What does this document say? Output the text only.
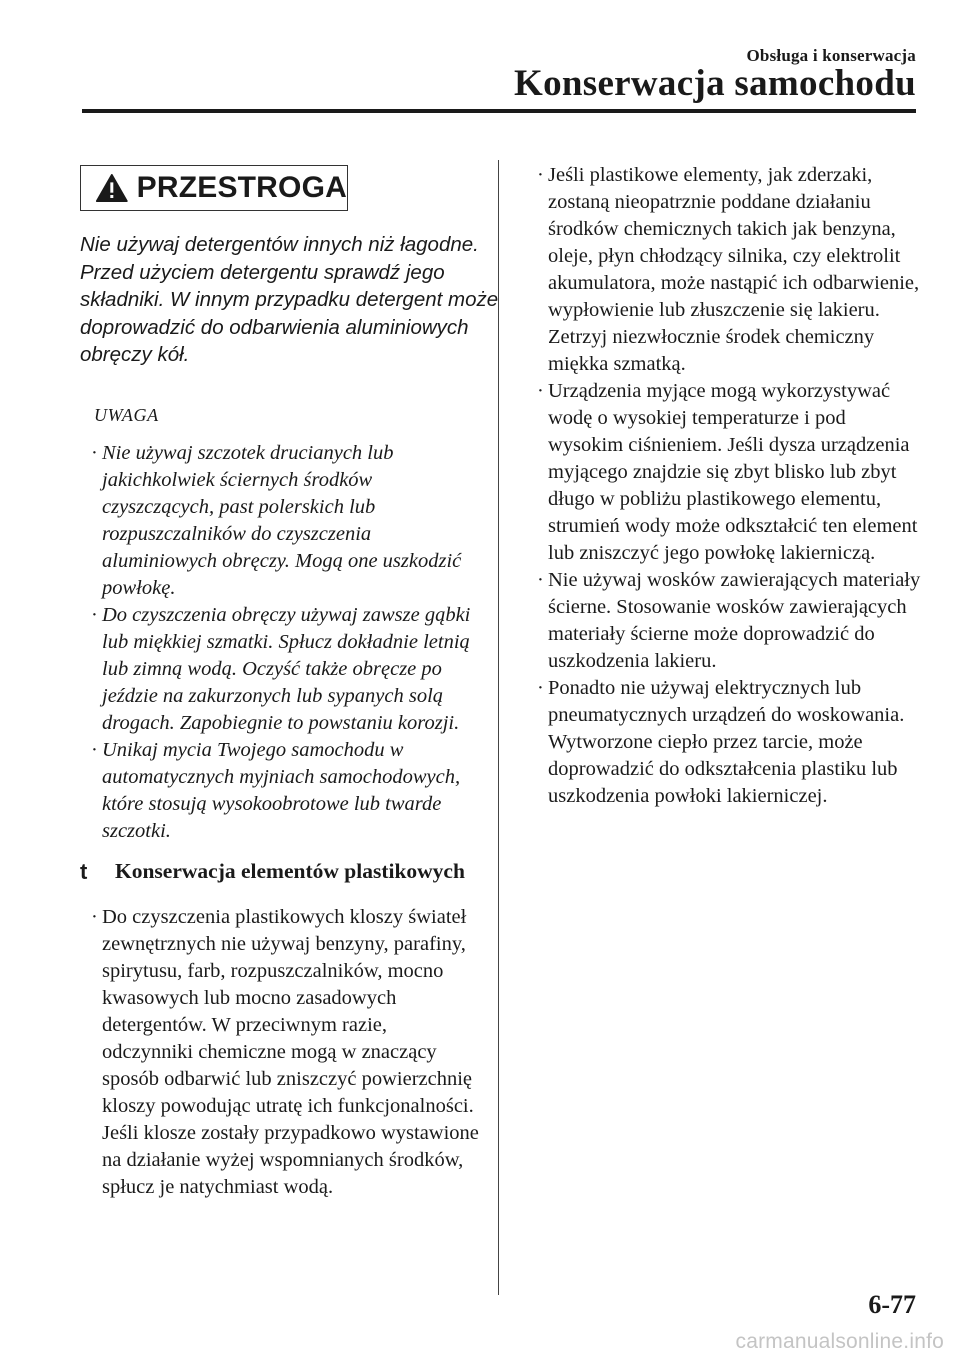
Obsługa i konserwacja
Konserwacja samochodu
PRZESTROGA
Nie używaj detergentów innych niż łagodne. Przed użyciem detergentu sprawdź jego składniki. W innym przypadku detergent może doprowadzić do odbarwienia aluminiowych obręczy kół.
UWAGA
· Nie używaj szczotek drucianych lub jakichkolwiek ściernych środków czyszczących, past polerskich lub rozpuszczalników do czyszczenia aluminiowych obręczy. Mogą one uszkodzić powłokę.
· Do czyszczenia obręczy używaj zawsze gąbki lub miękkiej szmatki. Spłucz dokładnie letnią lub zimną wodą. Oczyść także obręcze po jeździe na zakurzonych lub sypanych solą drogach. Zapobiegnie to powstaniu korozji.
· Unikaj mycia Twojego samochodu w automatycznych myjniach samochodowych, które stosują wysokoobrotowe lub twarde szczotki.
t Konserwacja elementów plastikowych
· Do czyszczenia plastikowych kloszy świateł zewnętrznych nie używaj benzyny, parafiny, spirytusu, farb, rozpuszczalników, mocno kwasowych lub mocno zasadowych detergentów. W przeciwnym razie, odczynniki chemiczne mogą w znaczący sposób odbarwić lub zniszczyć powierzchnię kloszy powodując utratę ich funkcjonalności. Jeśli klosze zostały przypadkowo wystawione na działanie wyżej wspomnianych środków, spłucz je natychmiast wodą.
· Jeśli plastikowe elementy, jak zderzaki, zostaną nieopatrznie poddane działaniu środków chemicznych takich jak benzyna, oleje, płyn chłodzący silnika, czy elektrolit akumulatora, może nastąpić ich odbarwienie, wypłowienie lub złuszczenie się lakieru. Zetrzyj niezwłocznie środek chemiczny miękka szmatką.
· Urządzenia myjące mogą wykorzystywać wodę o wysokiej temperaturze i pod wysokim ciśnieniem. Jeśli dysza urządzenia myjącego znajdzie się zbyt blisko lub zbyt długo w pobliżu plastikowego elementu, strumień wody może odkształcić ten element lub zniszczyć jego powłokę lakierniczą.
· Nie używaj wosków zawierających materiały ścierne. Stosowanie wosków zawierających materiały ścierne może doprowadzić do uszkodzenia lakieru.
· Ponadto nie używaj elektrycznych lub pneumatycznych urządzeń do woskowania. Wytworzone ciepło przez tarcie, może doprowadzić do odkształcenia plastiku lub uszkodzenia powłoki lakierniczej.
6-77
carmanualsonline.info
